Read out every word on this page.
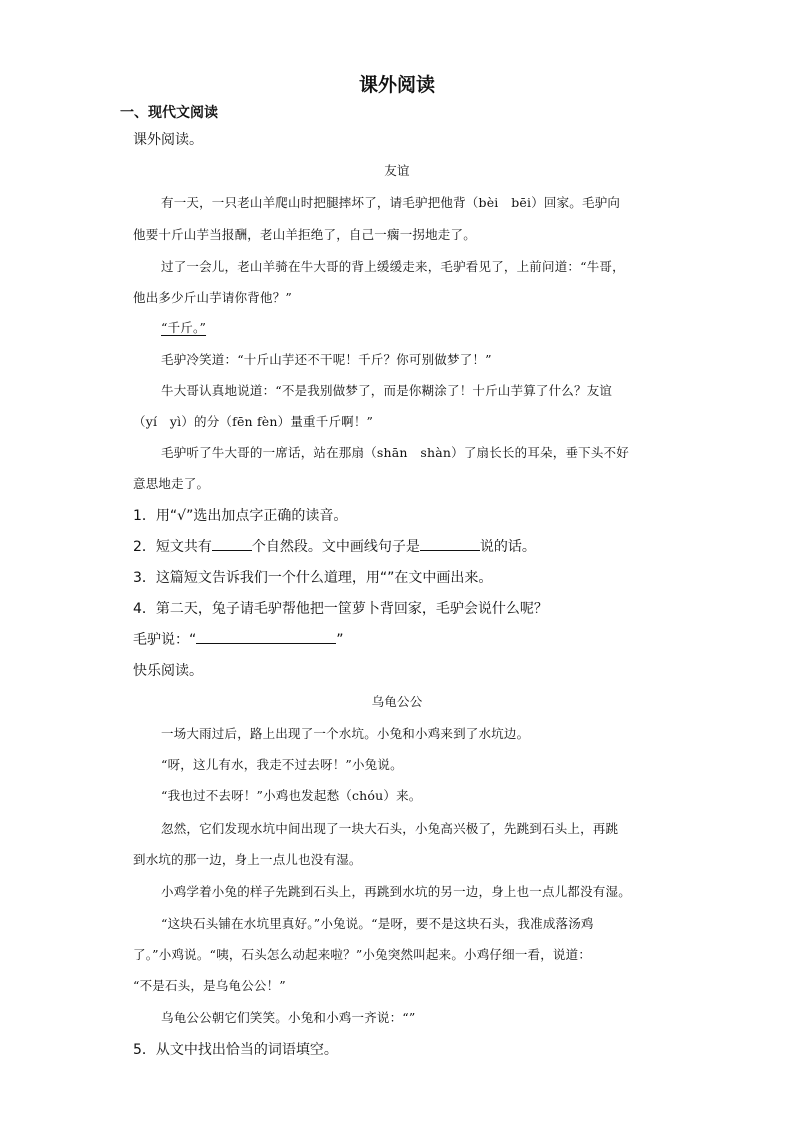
课外阅读
一、现代文阅读
课外阅读。
友谊
有一天，一只老山羊爬山时把腿摔坏了，请毛驴把他背（bèi　bēi）回家。毛驴向
他要十斤山芋当报酬，老山羊拒绝了，自己一瘸一拐地走了。
过了一会儿，老山羊骑在牛大哥的背上缓缓走来，毛驴看见了，上前问道：“牛哥，
他出多少斤山芋请你背他？”
“千斤。”
毛驴冷笑道：“十斤山芋还不干呢！千斤？你可别做梦了！”
牛大哥认真地说道：“不是我别做梦了，而是你糊涂了！十斤山芋算了什么？友谊
（yí　yì）的分（fēn fèn）量重千斤啊！”
毛驴听了牛大哥的一席话，站在那扇（shān　shàn）了扇长长的耳朵，垂下头不好
意思地走了。
1．用“√”选出加点字正确的读音。
2．短文共有	个自然段。文中画线句子是	说的话。
3．这篇短文告诉我们一个什么道理，用“”在文中画出来。
4．第二天，兔子请毛驴帮他把一筐萝卜背回家，毛驴会说什么呢？
毛驴说：“	”
快乐阅读。
乌龟公公
一场大雨过后，路上出现了一个水坑。小兔和小鸡来到了水坑边。
“呀，这儿有水，我走不过去呀！”小兔说。
“我也过不去呀！”小鸡也发起愁（chóu）来。
忽然，它们发现水坑中间出现了一块大石头，小兔高兴极了，先跳到石头上，再跳
到水坑的那一边，身上一点儿也没有湿。
小鸡学着小兔的样子先跳到石头上，再跳到水坑的另一边，身上也一点儿都没有湿。
“这块石头铺在水坑里真好。”小兔说。“是呀，要不是这块石头，我准成落汤鸡
了。”小鸡说。“咦，石头怎么动起来啦？”小兔突然叫起来。小鸡仔细一看，说道：
“不是石头，是乌龟公公！”
乌龟公公朝它们笑笑。小兔和小鸡一齐说：“”
5．从文中找出恰当的词语填空。
